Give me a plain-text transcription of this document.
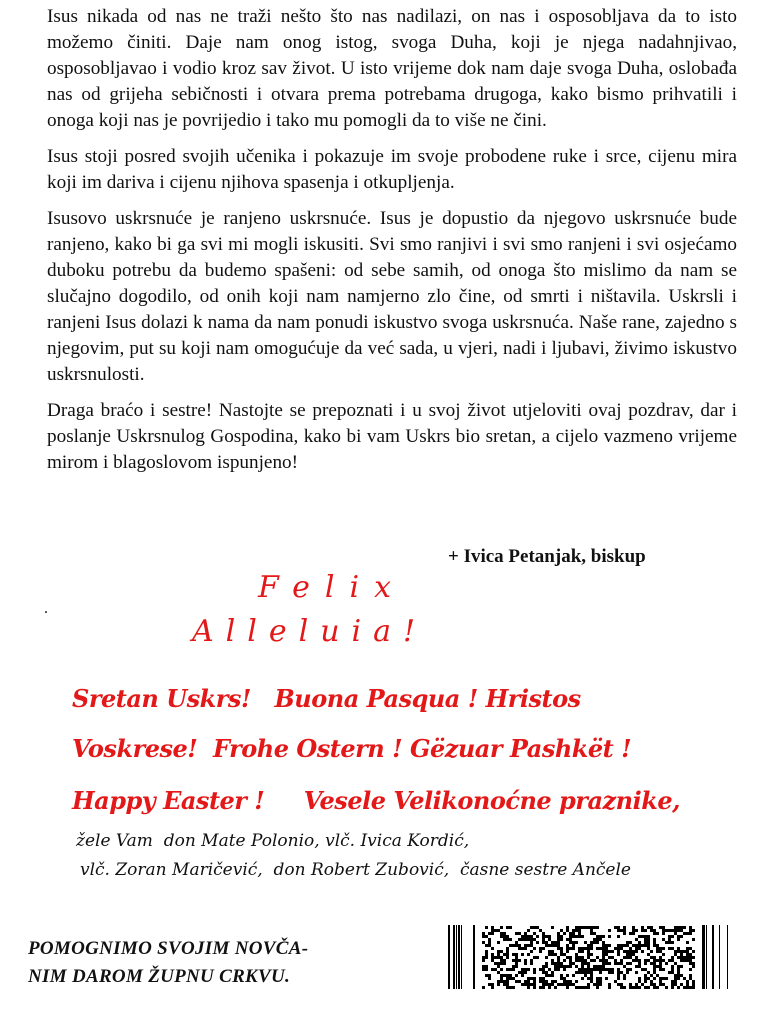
Isus nikada od nas ne traži nešto što nas nadilazi, on nas i osposobljava da to isto možemo činiti. Daje nam onog istog, svoga Duha, koji je njega nadahnjivao, osposobljavao i vodio kroz sav život. U isto vrijeme dok nam daje svoga Duha, oslobađa nas od grijeha sebičnosti i otvara prema potrebama drugoga, kako bismo prihvatili i onoga koji nas je povrijedio i tako mu pomogli da to više ne čini.

Isus stoji posred svojih učenika i pokazuje im svoje probodene ruke i srce, cijenu mira koji im dariva i cijenu njihova spasenja i otkupljenja.

Isusovo uskrsnuće je ranjeno uskrsnuće. Isus je dopustio da njegovo uskrsnuće bude ranjeno, kako bi ga svi mi mogli iskusiti. Svi smo ranjivi i svi smo ranjeni i svi osjećamo duboku potrebu da budemo spašeni: od sebe samih, od onoga što mislimo da nam se slučajno dogodilo, od onih koji nam namjerno zlo čine, od smrti i ništavila. Uskrsli i ranjeni Isus dolazi k nama da nam ponudi iskustvo svoga uskrsnuća. Naše rane, zajedno s njegovim, put su koji nam omogućuje da već sada, u vjeri, nadi i ljubavi, živimo iskustvo uskrsnulosti.

Draga braćo i sestre! Nastojte se prepoznati i u svoj život utjeloviti ovaj pozdrav, dar i poslanje Uskrsnulog Gospodina, kako bi vam Uskrs bio sretan, a cijelo vazmeno vrijeme mirom i blagoslovom ispunjeno!

+ Ivica Petanjak, biskup
.
Felix
Alleluia!
Sretan Uskrs!   Buona Pasqua ! Hristos
Voskrese!  Frohe Ostern ! Gëzuar Pashkët !
Happy Easter !     Vesele Velikonoćne praznike,
žele Vam  don Mate Polonio, vlč. Ivica Kordić,
vlč. Zoran Maričević,  don Robert Zubović,  časne sestre Ančele
POMOGNIMO SVOJIM NOVČA-
NIM DAROM ŽUPNU CRKVU.
